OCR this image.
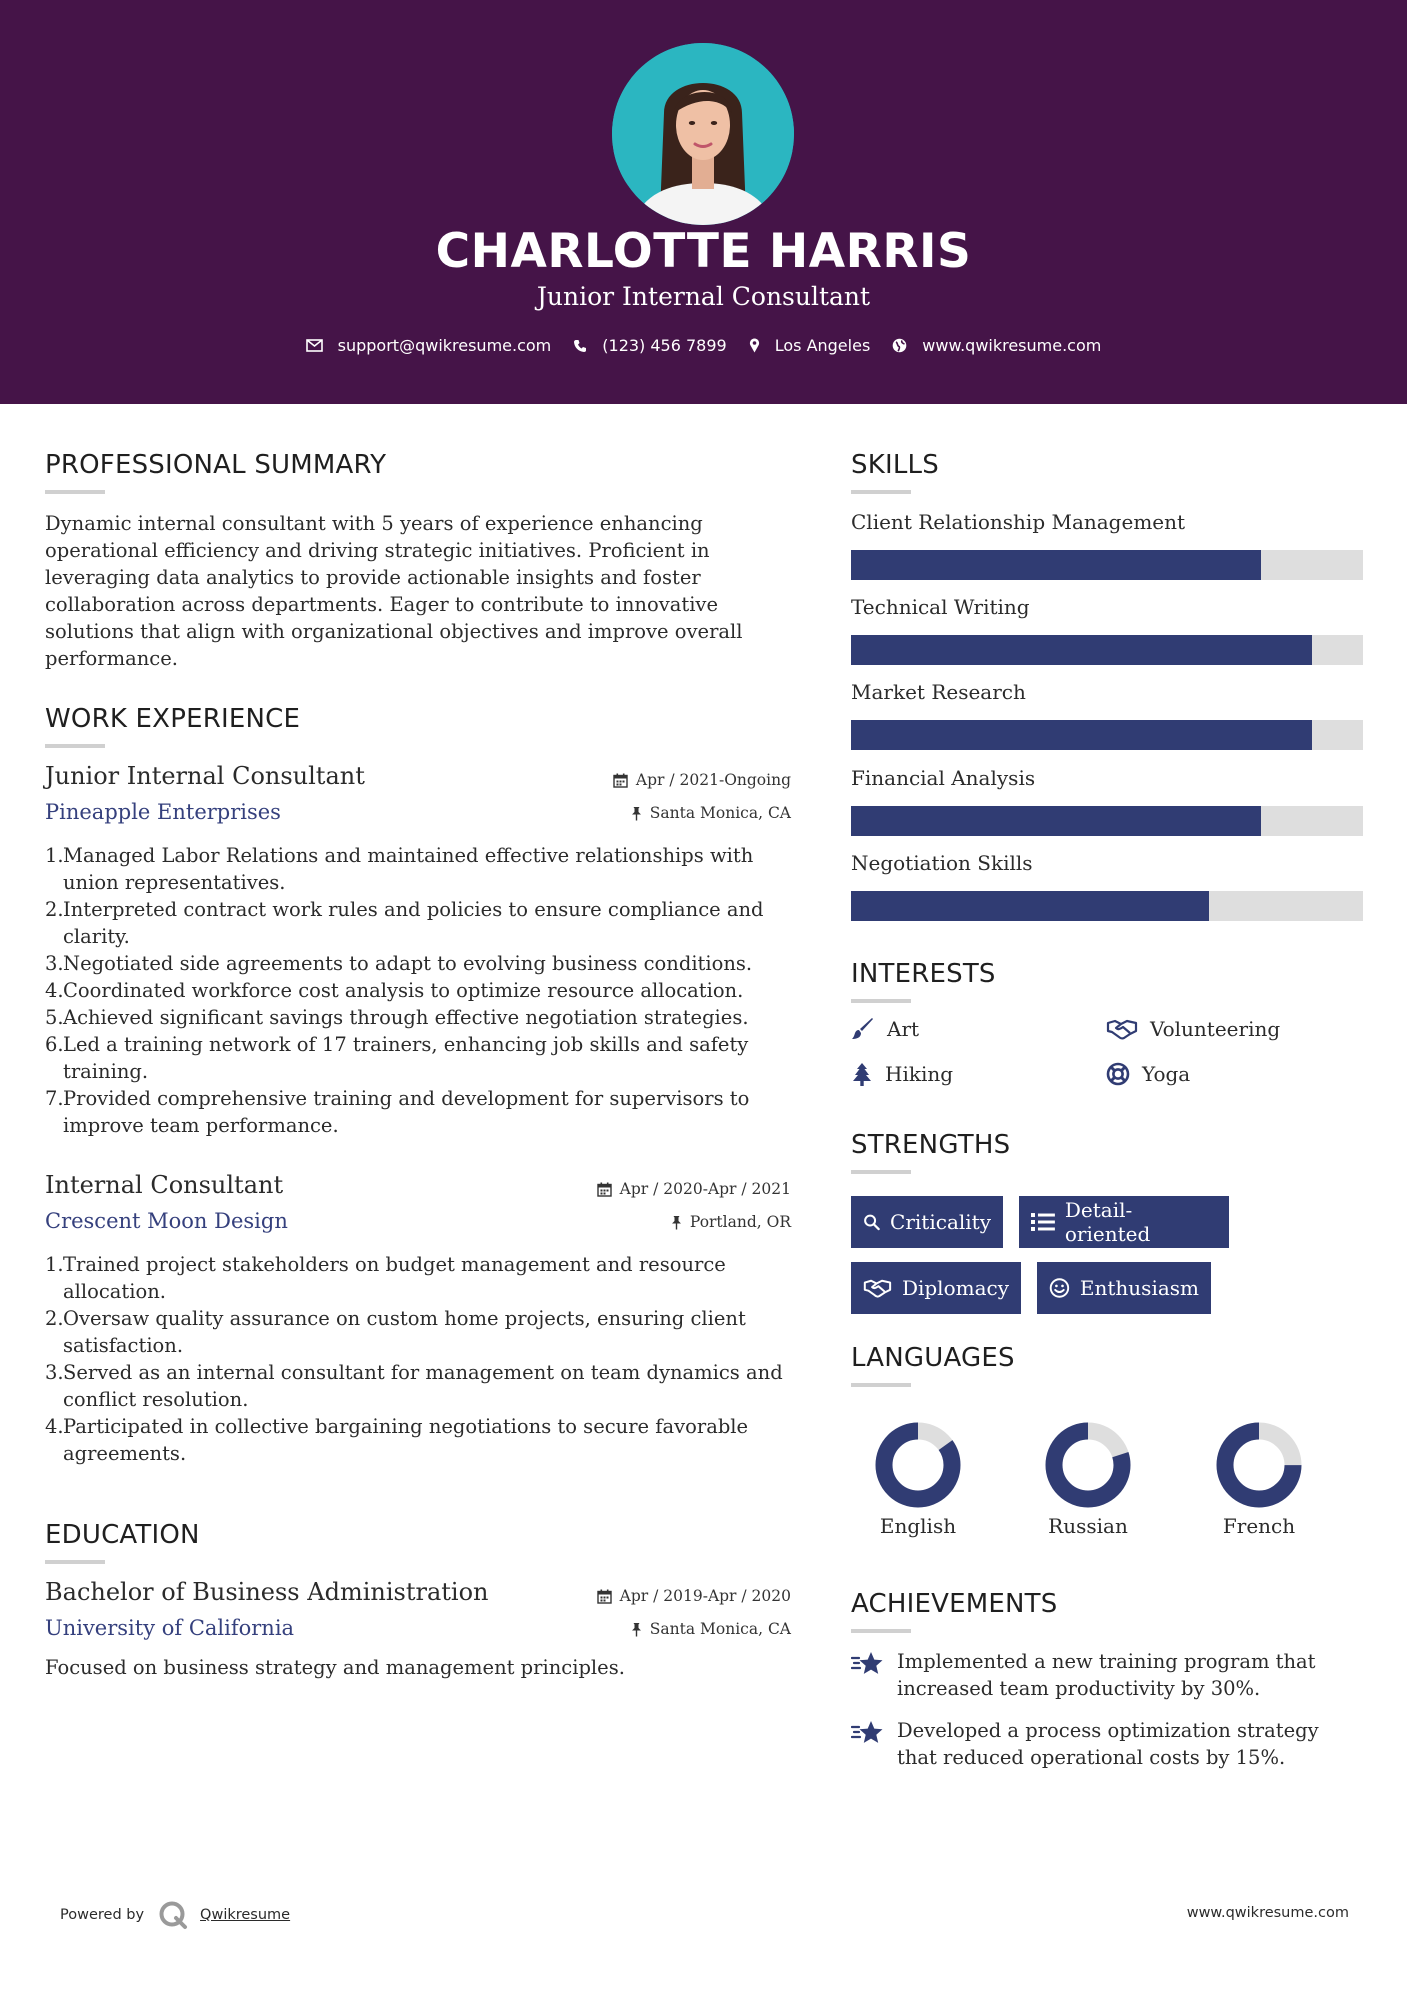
CHARLOTTE HARRIS
Junior Internal Consultant
support@qwikresume.com	(123) 456 7899	Los Angeles	www.qwikresume.com
PROFESSIONAL SUMMARY
Dynamic internal consultant with 5 years of experience enhancing operational efficiency and driving strategic initiatives. Proficient in leveraging data analytics to provide actionable insights and foster collaboration across departments. Eager to contribute to innovative solutions that align with organizational objectives and improve overall performance.
WORK EXPERIENCE
Junior Internal Consultant
Pineapple Enterprises
Apr / 2021-Ongoing
Santa Monica, CA
1. Managed Labor Relations and maintained effective relationships with union representatives.
2. Interpreted contract work rules and policies to ensure compliance and clarity.
3. Negotiated side agreements to adapt to evolving business conditions.
4. Coordinated workforce cost analysis to optimize resource allocation.
5. Achieved significant savings through effective negotiation strategies.
6. Led a training network of 17 trainers, enhancing job skills and safety training.
7. Provided comprehensive training and development for supervisors to improve team performance.
Internal Consultant
Crescent Moon Design
Apr / 2020-Apr / 2021
Portland, OR
1. Trained project stakeholders on budget management and resource allocation.
2. Oversaw quality assurance on custom home projects, ensuring client satisfaction.
3. Served as an internal consultant for management on team dynamics and conflict resolution.
4. Participated in collective bargaining negotiations to secure favorable agreements.
EDUCATION
Bachelor of Business Administration
University of California
Apr / 2019-Apr / 2020
Santa Monica, CA
Focused on business strategy and management principles.
SKILLS
Client Relationship Management
Technical Writing
Market Research
Financial Analysis
Negotiation Skills
INTERESTS
Art	Volunteering
Hiking	Yoga
STRENGTHS
Criticality	Detail-oriented
Diplomacy	Enthusiasm
LANGUAGES
English	Russian	French
ACHIEVEMENTS
Implemented a new training program that increased team productivity by 30%.
Developed a process optimization strategy that reduced operational costs by 15%.
Powered by	Qwikresume	www.qwikresume.com
